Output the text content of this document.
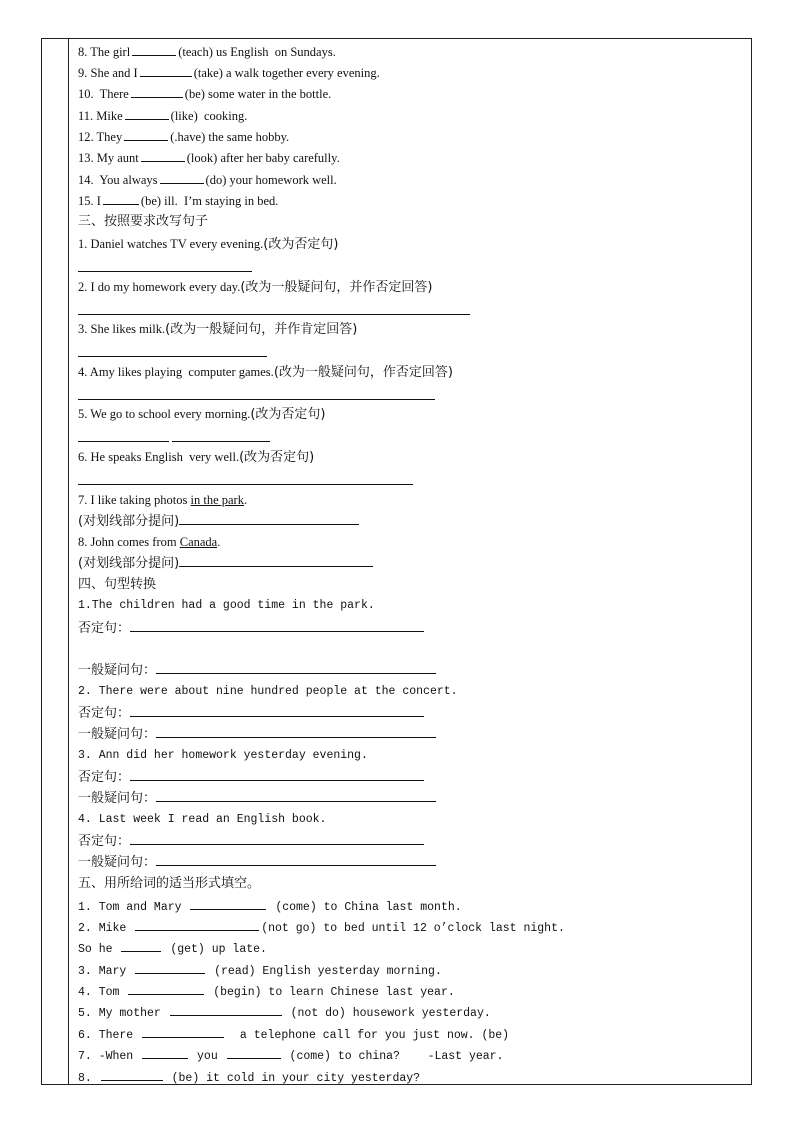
8. The girl	(teach) us English  on Sundays.
9. She and I	(take) a walk together every evening.
10.  There	(be) some water in the bottle.
11. Mike	(like)  cooking.
12. They	(.have) the same hobby.
13. My aunt	(look) after her baby carefully.
14.  You always	(do) your homework well.
15. I	(be) ill.  I’m staying in bed.
三、按照要求改写句子
1. Daniel watches TV every evening.(改为否定句)
2. I do my homework every day.(改为一般疑问句，并作否定回答)
3. She likes milk.(改为一般疑问句，并作肯定回答)
4. Amy likes playing  computer games.(改为一般疑问句，作否定回答)
5. We go to school every morning.(改为否定句)
6. He speaks English  very well.(改为否定句)
7. I like taking photos in the park.
(对划线部分提问)
8. John comes from Canada.
(对划线部分提问)
四、句型转换
1.The children had a good time in the park.
否定句：
一般疑问句：
2. There were about nine hundred people at the concert.
否定句：
一般疑问句：
3. Ann did her homework yesterday evening.
否定句：
一般疑问句：
4. Last week I read an English book.
否定句：
一般疑问句：
五、用所给词的适当形式填空。
1. Tom and Mary	(come) to China last month.
2. Mike	(not go) to bed until 12 o’clock last night.
So he	(get) up late.
3. Mary	(read) English yesterday morning.
4. Tom	(begin) to learn Chinese last year.
5. My mother	(not do) housework yesterday.
6. There	a telephone call for you just now. (be)
7. -When	you	(come) to china?    -Last year.
8.	(be) it cold in your city yesterday?
